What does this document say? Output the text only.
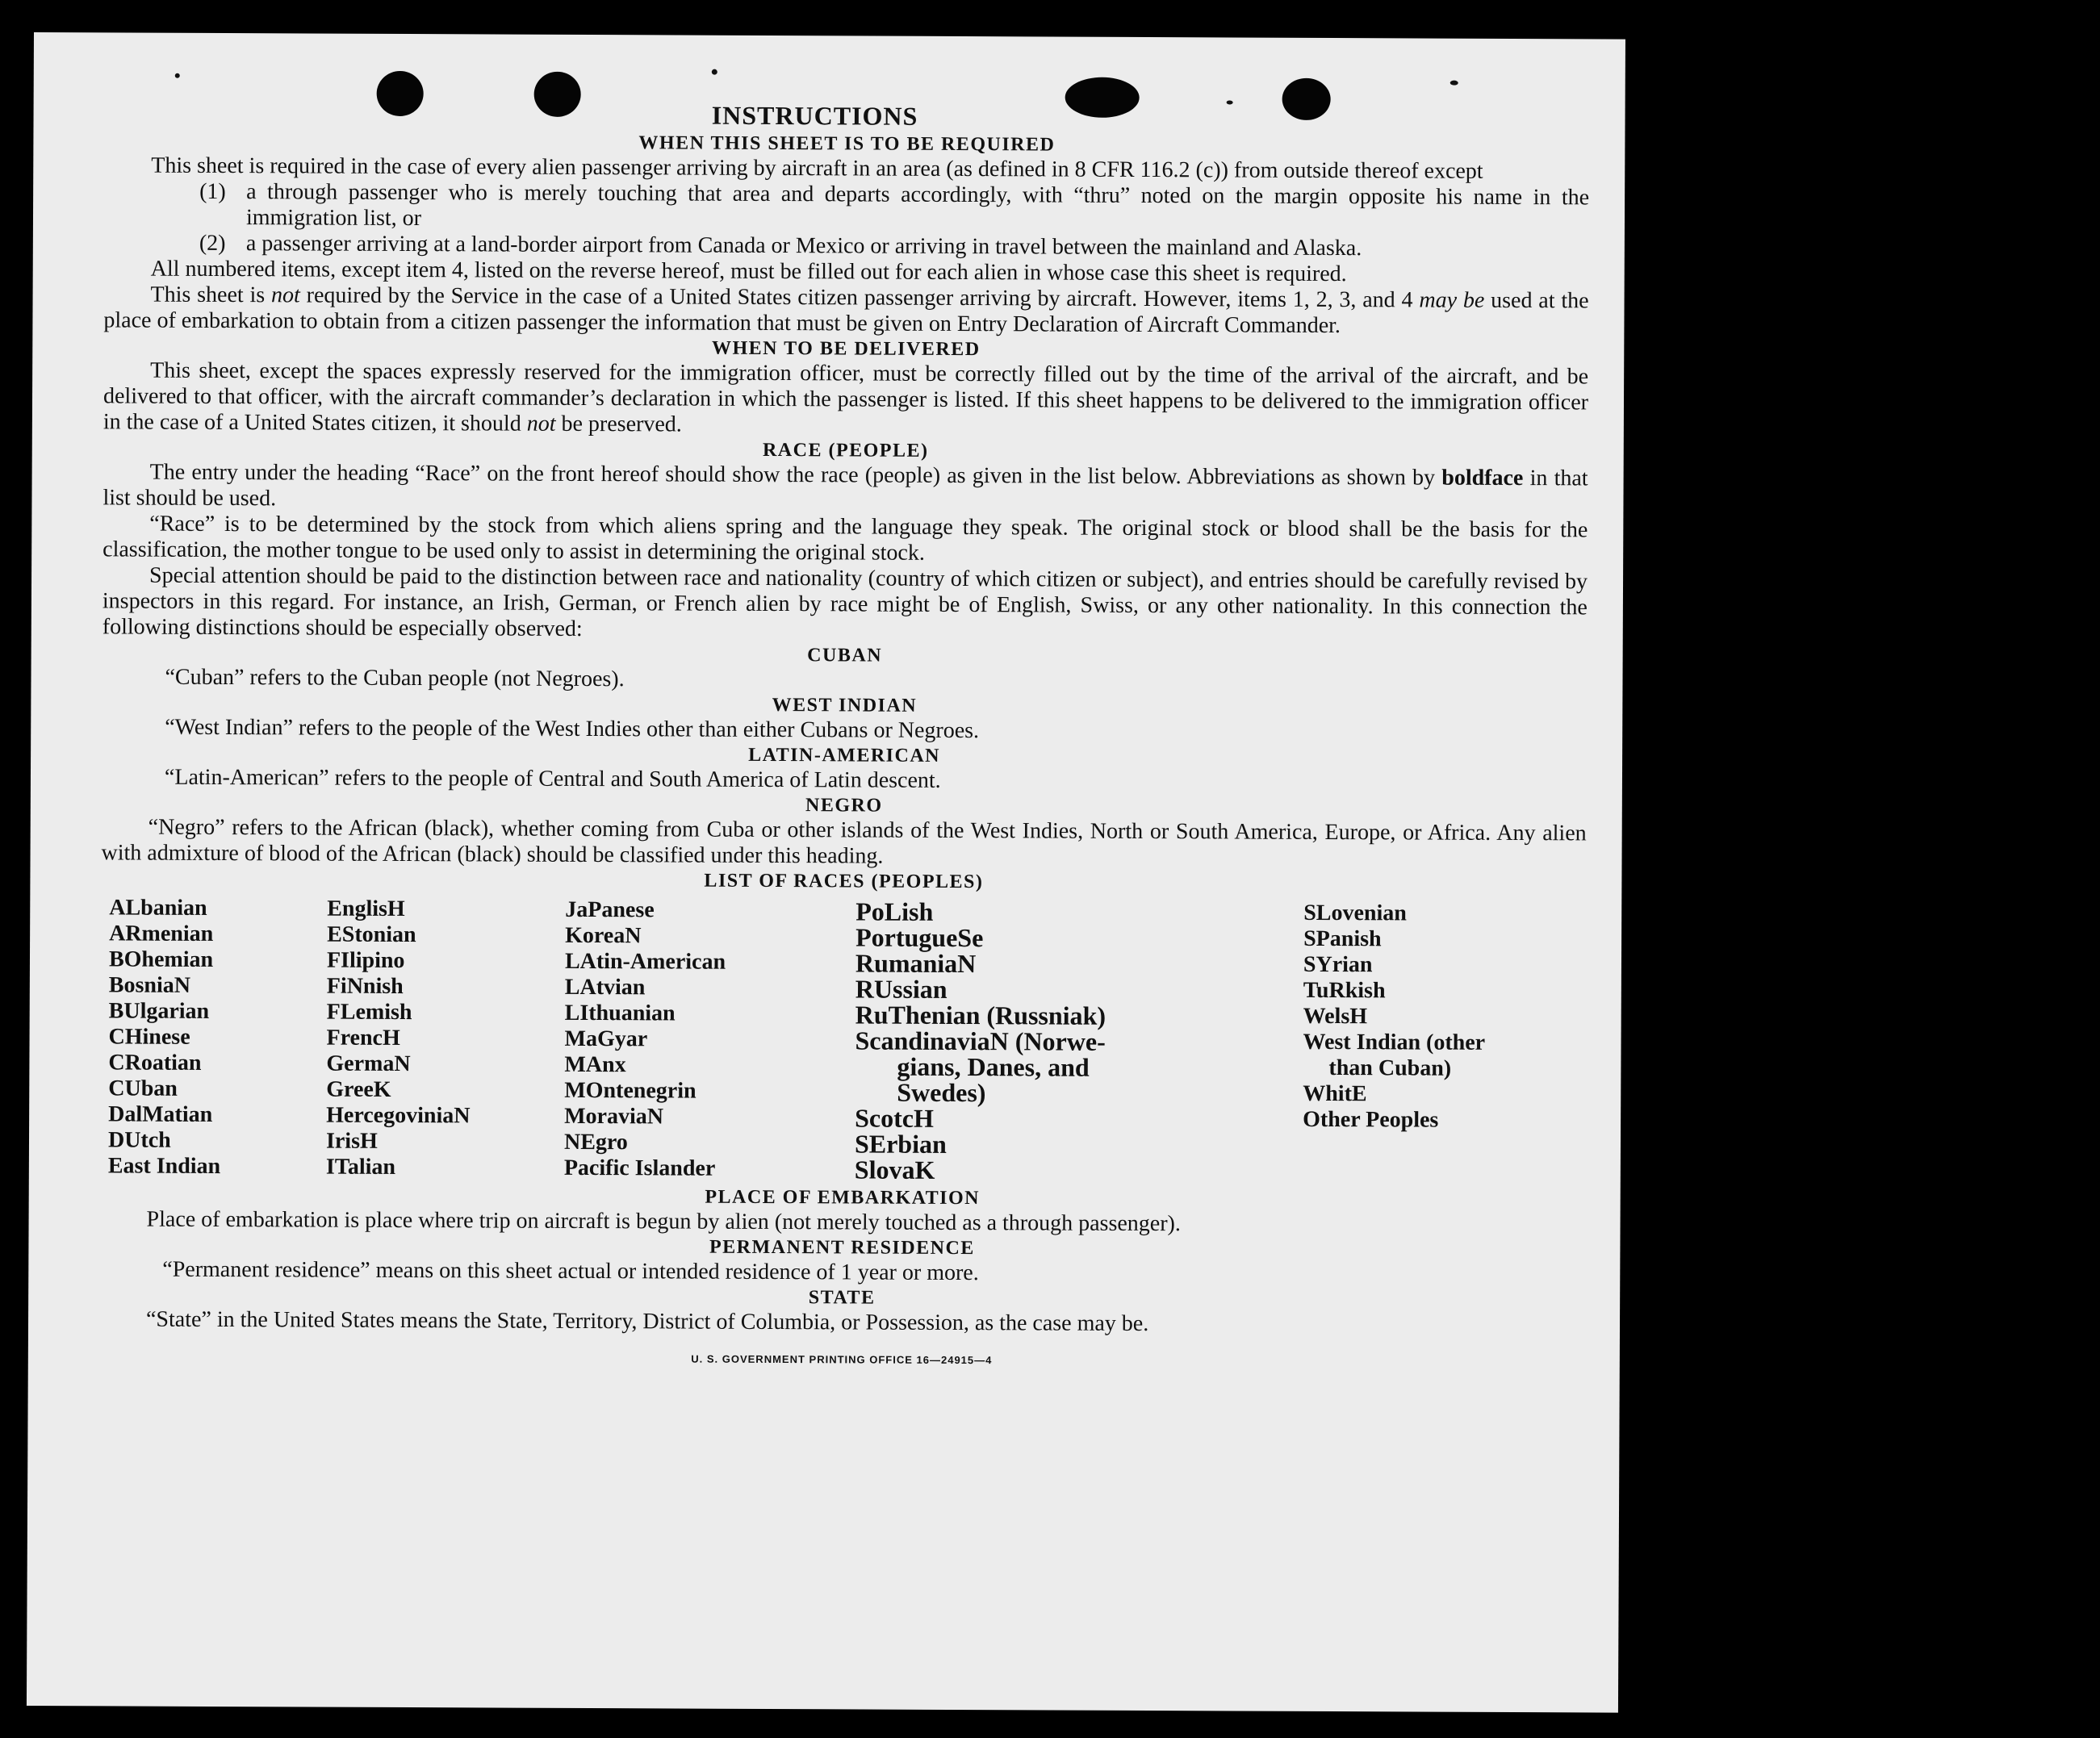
INSTRUCTIONS
WHEN THIS SHEET IS TO BE REQUIRED

This sheet is required in the case of every alien passenger arriving by aircraft in an area (as defined in 8 CFR 116.2 (c)) from outside thereof except

(1) a through passenger who is merely touching that area and departs accordingly, with “thru” noted on the margin opposite his name in the immigration list, or
(2) a passenger arriving at a land-border airport from Canada or Mexico or arriving in travel between the mainland and Alaska.

All numbered items, except item 4, listed on the reverse hereof, must be filled out for each alien in whose case this sheet is required.

This sheet is not required by the Service in the case of a United States citizen passenger arriving by aircraft. However, items 1, 2, 3, and 4 may be used at the place of embarkation to obtain from a citizen passenger the information that must be given on Entry Declaration of Aircraft Commander.

WHEN TO BE DELIVERED

This sheet, except the spaces expressly reserved for the immigration officer, must be correctly filled out by the time of the arrival of the aircraft, and be delivered to that officer, with the aircraft commander’s declaration in which the passenger is listed. If this sheet happens to be delivered to the immigration officer in the case of a United States citizen, it should not be preserved.

RACE (PEOPLE)

The entry under the heading “Race” on the front hereof should show the race (people) as given in the list below. Abbreviations as shown by boldface in that list should be used.

“Race” is to be determined by the stock from which aliens spring and the language they speak. The original stock or blood shall be the basis for the classification, the mother tongue to be used only to assist in determining the original stock.

Special attention should be paid to the distinction between race and nationality (country of which citizen or subject), and entries should be carefully revised by inspectors in this regard. For instance, an Irish, German, or French alien by race might be of English, Swiss, or any other nationality. In this connection the following distinctions should be especially observed:

CUBAN

“Cuban” refers to the Cuban people (not Negroes).

WEST INDIAN

“West Indian” refers to the people of the West Indies other than either Cubans or Negroes.

LATIN-AMERICAN

“Latin-American” refers to the people of Central and South America of Latin descent.

NEGRO

“Negro” refers to the African (black), whether coming from Cuba or other islands of the West Indies, North or South America, Europe, or Africa. Any alien with admixture of blood of the African (black) should be classified under this heading.

LIST OF RACES (PEOPLES)
ALbanian
ARmenian
BOhemian
BosniaN
BUlgarian
CHinese
CRoatian
CUban
DalMatian
DUtch
East Indian
EnglisH
EStonian
FIlipino
FiNnish
FLemish
FrencH
GermaN
GreeK
HercegoviniaN
IrisH
ITalian
JaPanese
KoreaN
LAtin-American
LAtvian
LIthuanian
MaGyar
MAnx
MOntenegrin
MoraviaN
NEgro
Pacific Islander
PoLish
PortugueSe
RumaniaN
RUssian
RuThenian (Russniak)
ScandinaviaN (Norwe-
gians, Danes, and
Swedes)
ScotcH
SErbian
SlovaK
SLovenian
SPanish
SYrian
TuRkish
WelsH
West Indian (other
than Cuban)
WhitE
Other Peoples
PLACE OF EMBARKATION

Place of embarkation is place where trip on aircraft is begun by alien (not merely touched as a through passenger).

PERMANENT RESIDENCE

“Permanent residence” means on this sheet actual or intended residence of 1 year or more.

STATE

“State” in the United States means the State, Territory, District of Columbia, or Possession, as the case may be.

U. S. GOVERNMENT PRINTING OFFICE 16—24915—4
